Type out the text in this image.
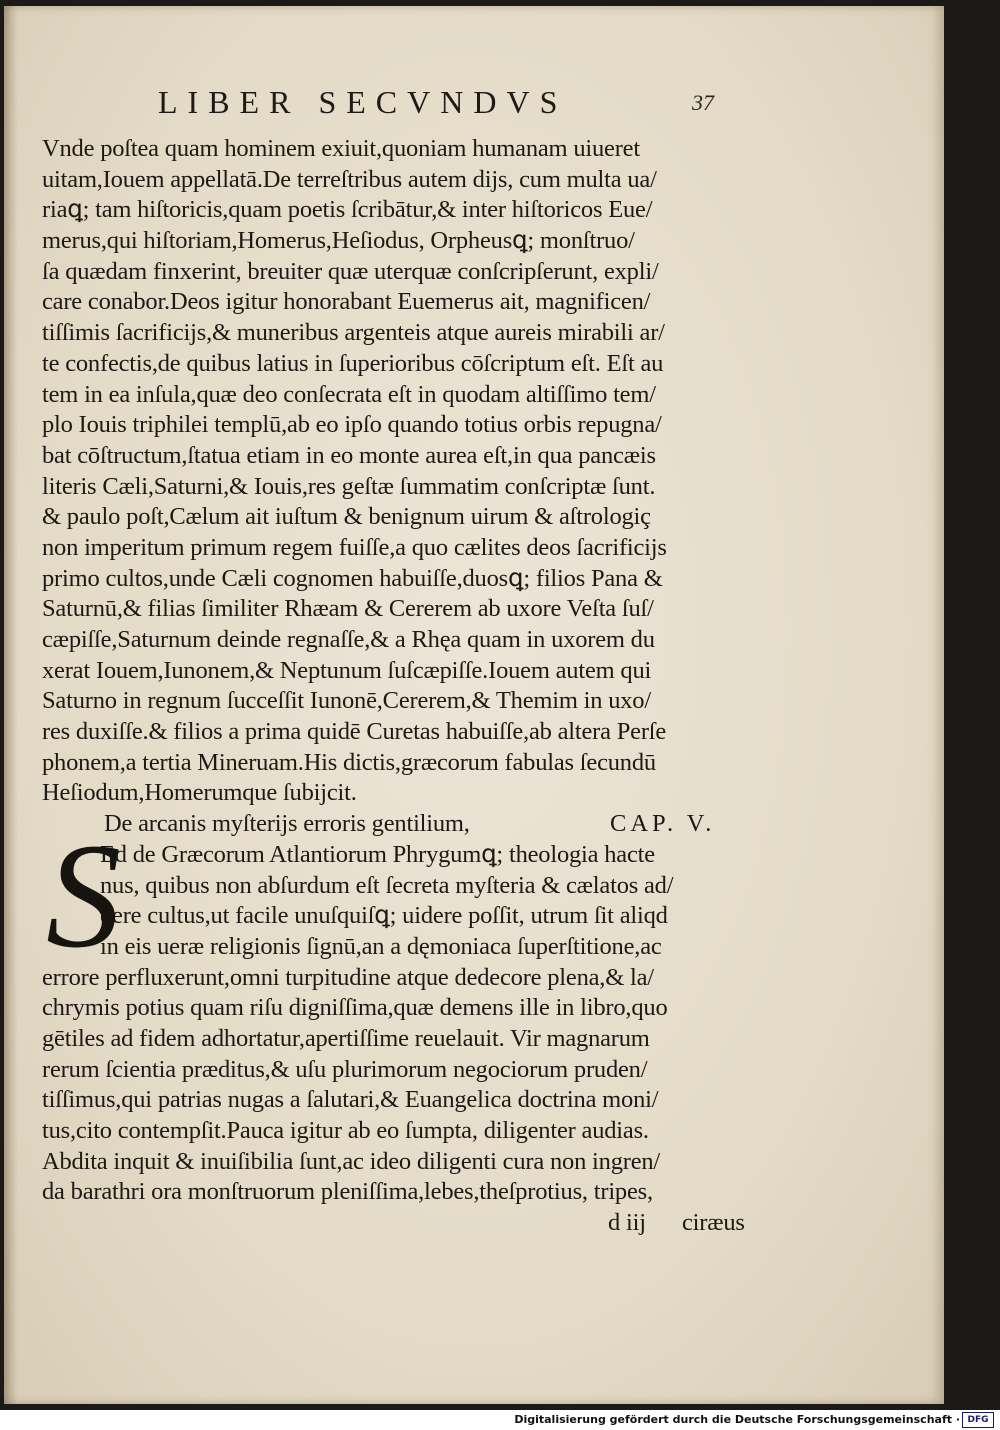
LIBER SECVNDVS	37
Vnde poſtea quam hominem exiuit,quoniam humanam uiueret
uitam,Iouem appellatā.De terreſtribus autem dijs, cum multa ua/
riaꝗ; tam hiſtoricis,quam poetis ſcribātur,& inter hiſtoricos Eue/
merus,qui hiſtoriam,Homerus,Heſiodus, Orpheusꝗ; monſtruo/
ſa quædam finxerint, breuiter quæ uterquæ conſcripſerunt, expli/
care conabor.Deos igitur honorabant Euemerus ait, magnificen/
tiſſimis ſacrificijs,& muneribus argenteis atque aureis mirabili ar/
te confectis,de quibus latius in ſuperioribus cōſcriptum eſt. Eſt au
tem in ea inſula,quæ deo conſecrata eſt in quodam altiſſimo tem/
plo Iouis triphilei templū,ab eo ipſo quando totius orbis repugna/
bat cōſtructum,ſtatua etiam in eo monte aurea eſt,in qua pancæis
literis Cæli,Saturni,& Iouis,res geſtæ ſummatim conſcriptæ ſunt.
& paulo poſt,Cælum ait iuſtum & benignum uirum & aſtrologiç
non imperitum primum regem fuiſſe,a quo cælites deos ſacrificijs
primo cultos,unde Cæli cognomen habuiſſe,duosꝗ; filios Pana &
Saturnū,& filias ſimiliter Rhæam & Cererem ab uxore Veſta ſuſ/
cæpiſſe,Saturnum deinde regnaſſe,& a Rhęa quam in uxorem du
xerat Iouem,Iunonem,& Neptunum ſuſcæpiſſe.Iouem autem qui
Saturno in regnum ſucceſſit Iunonē,Cererem,& Themim in uxo/
res duxiſſe.& filios a prima quidē Curetas habuiſſe,ab altera Perſe
phonem,a tertia Mineruam.His dictis,græcorum fabulas ſecundū
Heſiodum,Homerumque ſubijcit.
De arcanis myſterijs erroris gentilium,	CAP. V.
S
Ed de Græcorum Atlantiorum Phrygumꝗ; theologia hacte
nus, quibus non abſurdum eſt ſecreta myſteria & cælatos ad/
dere cultus,ut facile unuſquiſꝗ; uidere poſſit, utrum ſit aliqd
in eis ueræ religionis ſignū,an a dęmoniaca ſuperſtitione,ac
errore perfluxerunt,omni turpitudine atque dedecore plena,& la/
chrymis potius quam riſu digniſſima,quæ demens ille in libro,quo
gētiles ad fidem adhortatur,apertiſſime reuelauit. Vir magnarum
rerum ſcientia præditus,& uſu plurimorum negociorum pruden/
tiſſimus,qui patrias nugas a ſalutari,& Euangelica doctrina moni/
tus,cito contempſit.Pauca igitur ab eo ſumpta, diligenter audias.
Abdita inquit & inuiſibilia ſunt,ac ideo diligenti cura non ingren/
da barathri ora monſtruorum pleniſſima,lebes,theſprotius, tripes,
d iij ciræus
Digitalisierung gefördert durch die Deutsche Forschungsgemeinschaft · DFG
